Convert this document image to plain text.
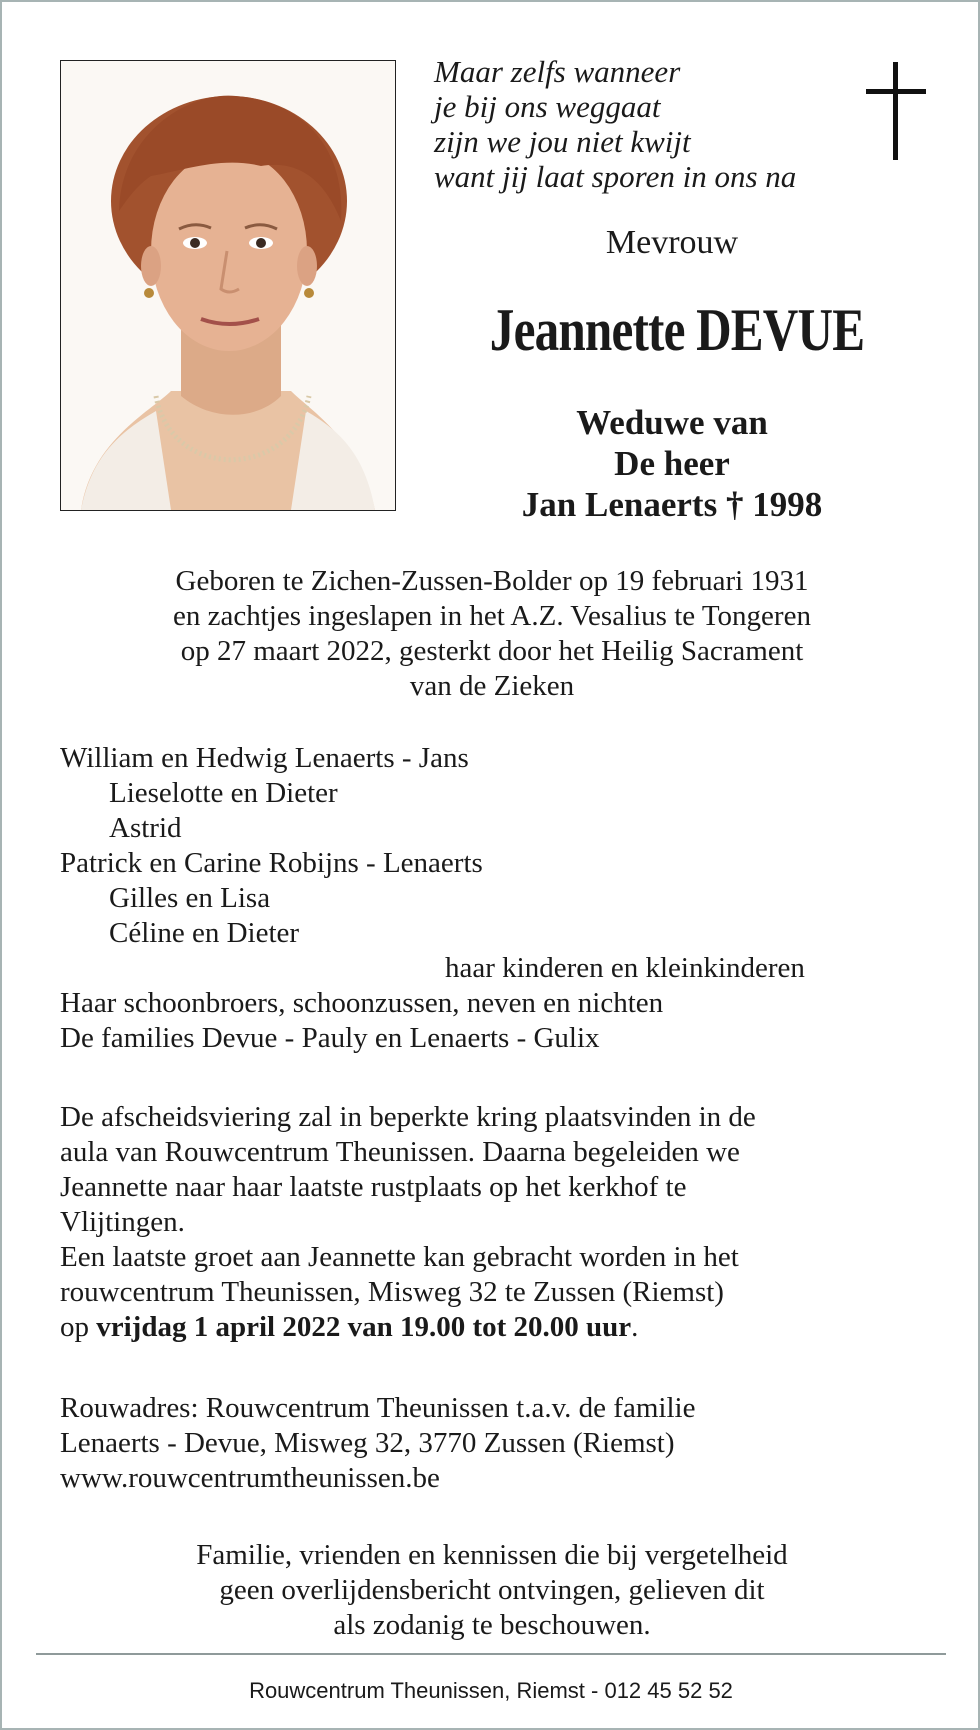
Maar zelfs wanneer
je bij ons weggaat
zijn we jou niet kwijt
want jij laat sporen in ons na
Mevrouw
Jeannette DEVUE
Weduwe van
De heer
Jan Lenaerts † 1998
Geboren te Zichen-Zussen-Bolder op 19 februari 1931
en zachtjes ingeslapen in het A.Z. Vesalius te Tongeren
op 27 maart 2022, gesterkt door het Heilig Sacrament
van de Zieken
William en Hedwig Lenaerts - Jans
Lieselotte en Dieter
Astrid
Patrick en Carine Robijns - Lenaerts
Gilles en Lisa
Céline en Dieter
haar kinderen en kleinkinderen
Haar schoonbroers, schoonzussen, neven en nichten
De families Devue - Pauly en Lenaerts - Gulix
De afscheidsviering zal in beperkte kring plaatsvinden in de
aula van Rouwcentrum Theunissen. Daarna begeleiden we
Jeannette naar haar laatste rustplaats op het kerkhof te
Vlijtingen.
Een laatste groet aan Jeannette kan gebracht worden in het
rouwcentrum Theunissen, Misweg 32 te Zussen (Riemst)
op vrijdag 1 april 2022 van 19.00 tot 20.00 uur.
Rouwadres: Rouwcentrum Theunissen t.a.v. de familie
Lenaerts - Devue, Misweg 32, 3770 Zussen (Riemst)
www.rouwcentrumtheunissen.be
Familie, vrienden en kennissen die bij vergetelheid
geen overlijdensbericht ontvingen, gelieven dit
als zodanig te beschouwen.
Rouwcentrum Theunissen, Riemst - 012 45 52 52
